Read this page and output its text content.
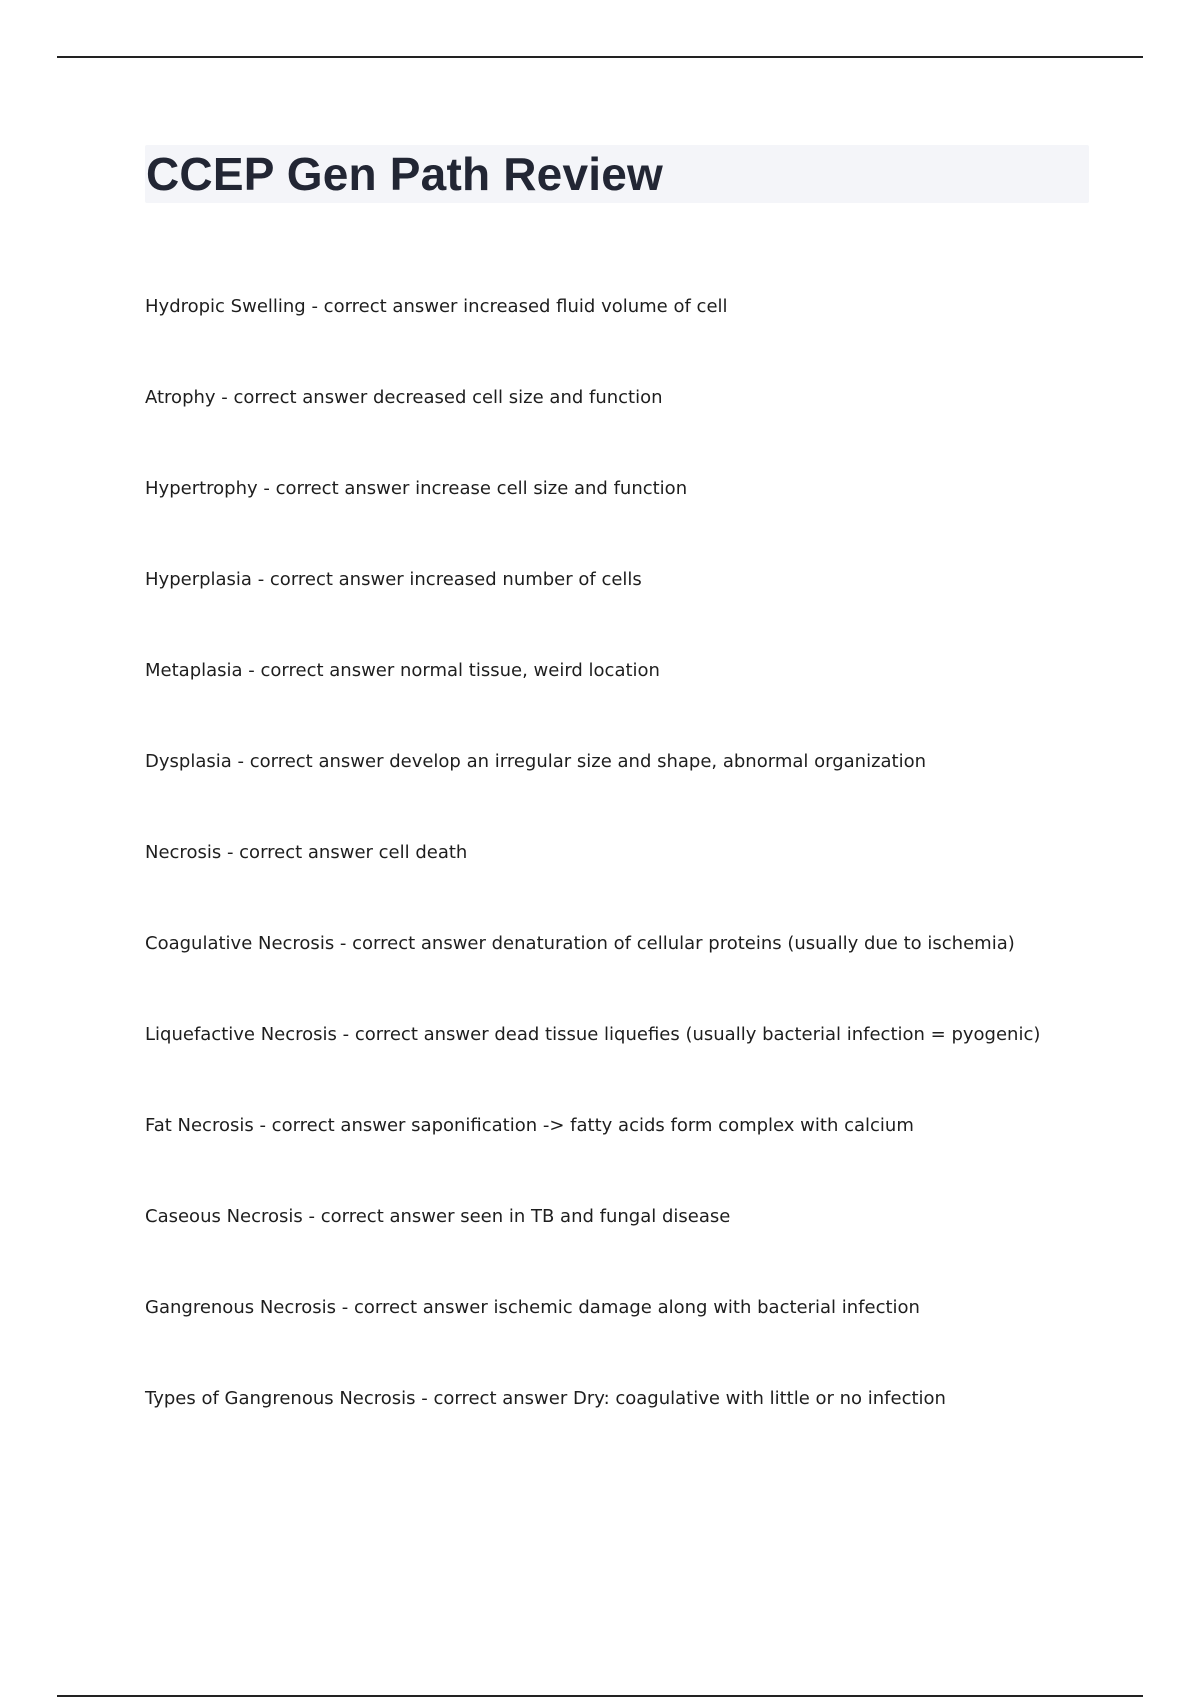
CCEP Gen Path Review
Hydropic Swelling - correct answer increased fluid volume of cell
Atrophy - correct answer decreased cell size and function
Hypertrophy - correct answer increase cell size and function
Hyperplasia - correct answer increased number of cells
Metaplasia - correct answer normal tissue, weird location
Dysplasia - correct answer develop an irregular size and shape, abnormal organization
Necrosis - correct answer cell death
Coagulative Necrosis - correct answer denaturation of cellular proteins (usually due to ischemia)
Liquefactive Necrosis - correct answer dead tissue liquefies (usually bacterial infection = pyogenic)
Fat Necrosis - correct answer saponification -> fatty acids form complex with calcium
Caseous Necrosis - correct answer seen in TB and fungal disease
Gangrenous Necrosis - correct answer ischemic damage along with bacterial infection
Types of Gangrenous Necrosis - correct answer Dry: coagulative with little or no infection
